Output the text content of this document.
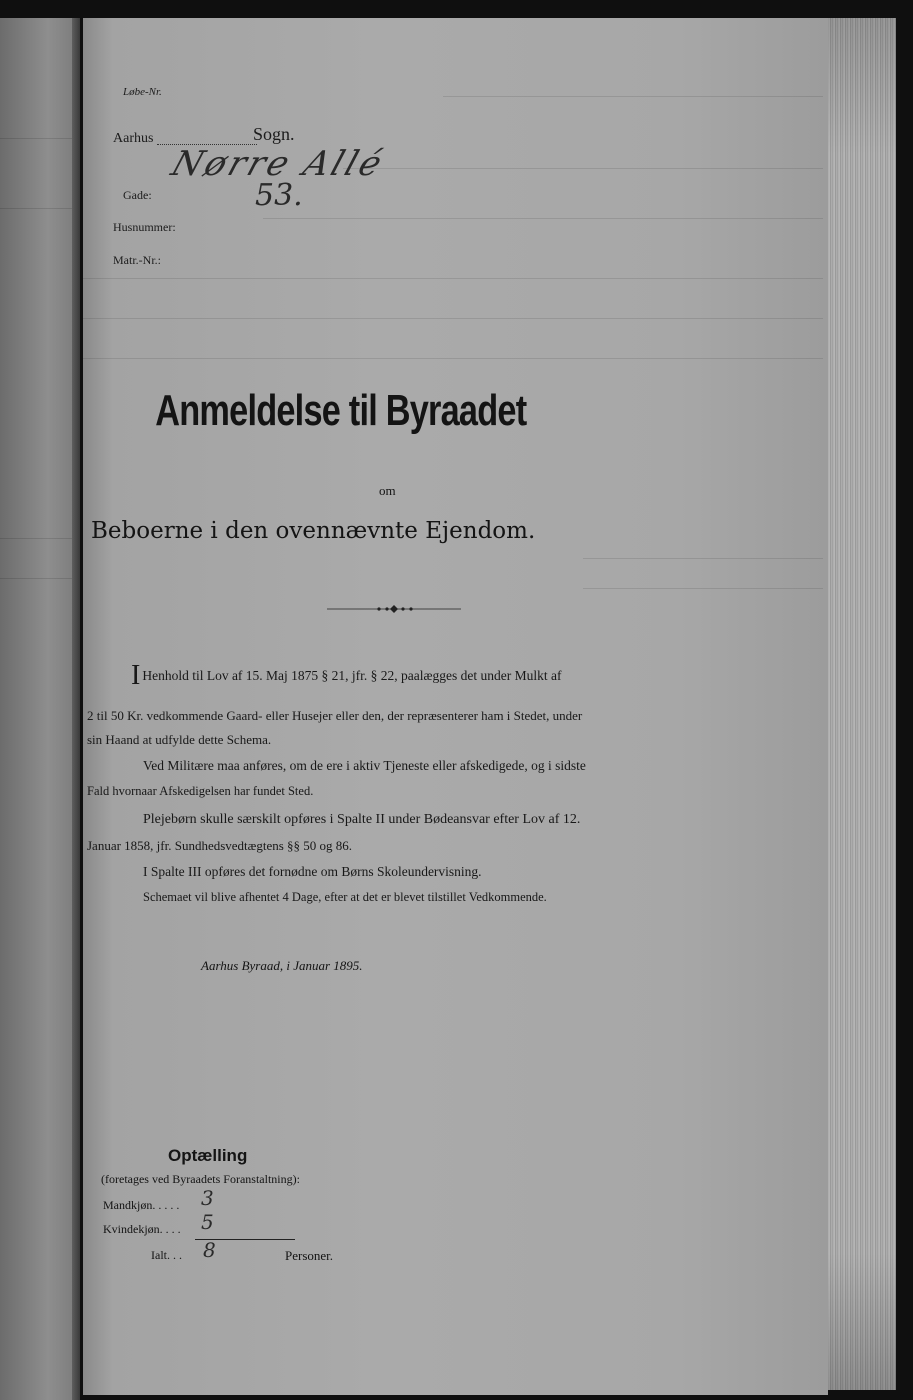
Løbe-Nr.
Aarhus	Sogn.
Gade:
Nørre Allé
Husnummer:
53.
Matr.-Nr.:
Anmeldelse til Byraadet
om
Beboerne i den ovennævnte Ejendom.
I Henhold til Lov af 15. Maj 1875 § 21, jfr. § 22, paalægges det under Mulkt af
2 til 50 Kr. vedkommende Gaard- eller Husejer eller den, der repræsenterer ham i Stedet, under
sin Haand at udfylde dette Schema.
Ved Militære maa anføres, om de ere i aktiv Tjeneste eller afskedigede, og i sidste
Fald hvornaar Afskedigelsen har fundet Sted.
Plejebørn skulle særskilt opføres i Spalte II under Bødeansvar efter Lov af 12.
Januar 1858, jfr. Sundhedsvedtægtens §§ 50 og 86.
I Spalte III opføres det fornødne om Børns Skoleundervisning.
Schemaet vil blive afhentet 4 Dage, efter at det er blevet tilstillet Vedkommende.
Aarhus Byraad, i Januar 1895.
Optælling
(foretages ved Byraadets Foranstaltning):
Mandkjøn. . . . . 3
Kvindekjøn. . . . 5
Ialt. . . 8	Personer.
